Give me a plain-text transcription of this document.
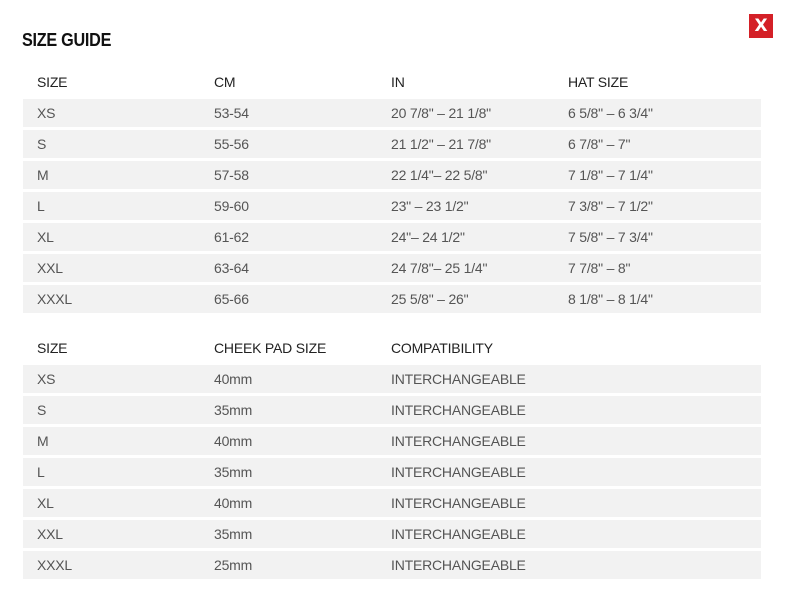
SIZE GUIDE
X
SIZE	CM	IN	HAT SIZE
XS	53-54	20 7/8" – 21 1/8"	6 5/8" – 6 3/4"
S	55-56	21 1/2" – 21 7/8"	6 7/8" – 7"
M	57-58	22 1/4"– 22 5/8"	7 1/8" – 7 1/4"
L	59-60	23" – 23 1/2"	7 3/8" – 7 1/2"
XL	61-62	24"– 24 1/2"	7 5/8" – 7 3/4"
XXL	63-64	24 7/8"– 25 1/4"	7 7/8" – 8"
XXXL	65-66	25 5/8" – 26"	8 1/8" – 8 1/4"
SIZE	CHEEK PAD SIZE	COMPATIBILITY	
XS	40mm	INTERCHANGEABLE	
S	35mm	INTERCHANGEABLE	
M	40mm	INTERCHANGEABLE	
L	35mm	INTERCHANGEABLE	
XL	40mm	INTERCHANGEABLE	
XXL	35mm	INTERCHANGEABLE	
XXXL	25mm	INTERCHANGEABLE	
